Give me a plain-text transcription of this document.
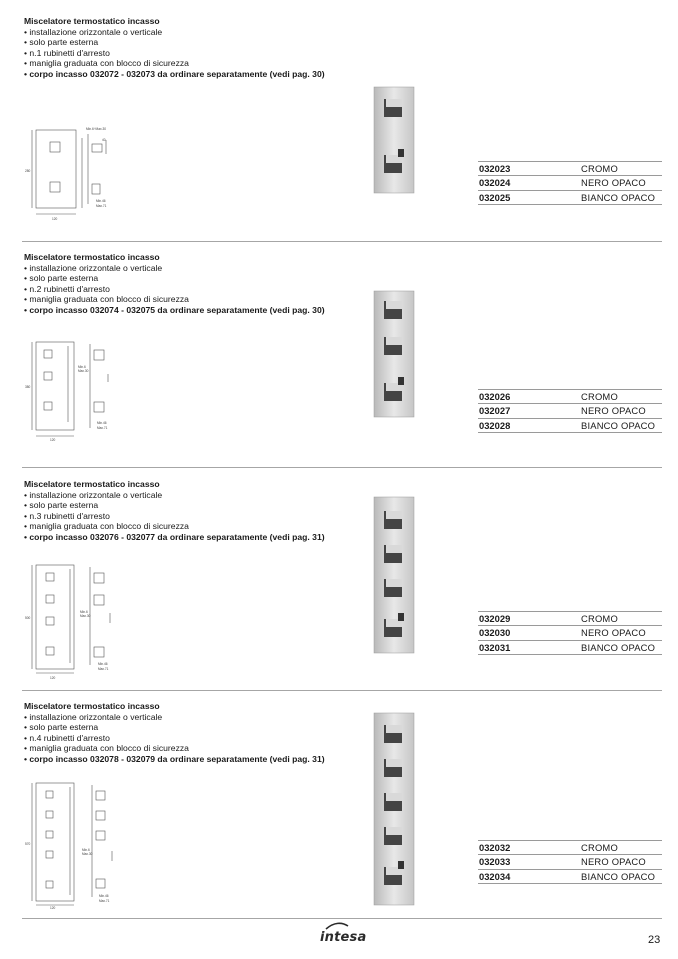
Miscelatore termostatico incasso
• installazione orizzontale o verticale
• solo parte esterna
• n.1 rubinetti d'arresto
• maniglia graduata con blocco di sicurezza
• corpo incasso 032072 - 032073 da ordinare separatamente (vedi pag. 30)
Min.6÷Max.30
40
280
120
Min.46
Max.71
032023	CROMO
032024	NERO OPACO
032025	BIANCO OPACO
Miscelatore termostatico incasso
• installazione orizzontale o verticale
• solo parte esterna
• n.2 rubinetti d'arresto
• maniglia graduata con blocco di sicurezza
• corpo incasso 032074 - 032075 da ordinare separatamente (vedi pag. 30)
Min.6
Max.30
380
120
Min.46
Max.71
032026	CROMO
032027	NERO OPACO
032028	BIANCO OPACO
Miscelatore termostatico incasso
• installazione orizzontale o verticale
• solo parte esterna
• n.3 rubinetti d'arresto
• maniglia graduata con blocco di sicurezza
• corpo incasso 032076 - 032077 da ordinare separatamente (vedi pag. 31)
Min.6
Max.30
500
120
Min.46
Max.71
032029	CROMO
032030	NERO OPACO
032031	BIANCO OPACO
Miscelatore termostatico incasso
• installazione orizzontale o verticale
• solo parte esterna
• n.4 rubinetti d'arresto
• maniglia graduata con blocco di sicurezza
• corpo incasso 032078 - 032079 da ordinare separatamente (vedi pag. 31)
Min.6
Max.30
570
120
Min.46
Max.71
032032	CROMO
032033	NERO OPACO
032034	BIANCO OPACO
intesa	23
